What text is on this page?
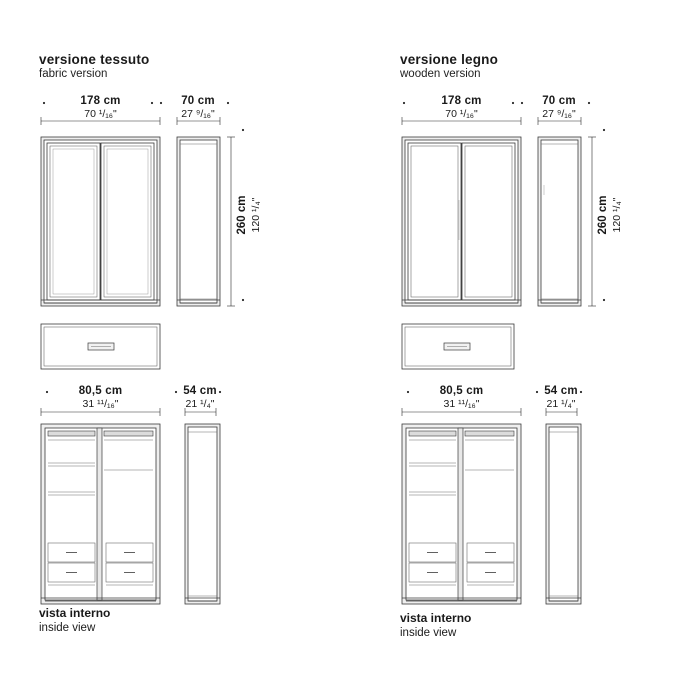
versione tessuto
fabric version
178 cm
70 ¹/₁₆"
70 cm
27 ⁹/₁₆"
260 cm 120 ¹/₄"
80,5 cm
31 ¹¹/₁₆"
54 cm
21 ¹/₄"
vista interno
inside view
versione legno
wooden version
178 cm
70 ¹/₁₆"
70 cm
27 ⁹/₁₆"
260 cm 120 ¹/₄"
80,5 cm
31 ¹¹/₁₆"
54 cm
21 ¹/₄"
vista interno
inside view
